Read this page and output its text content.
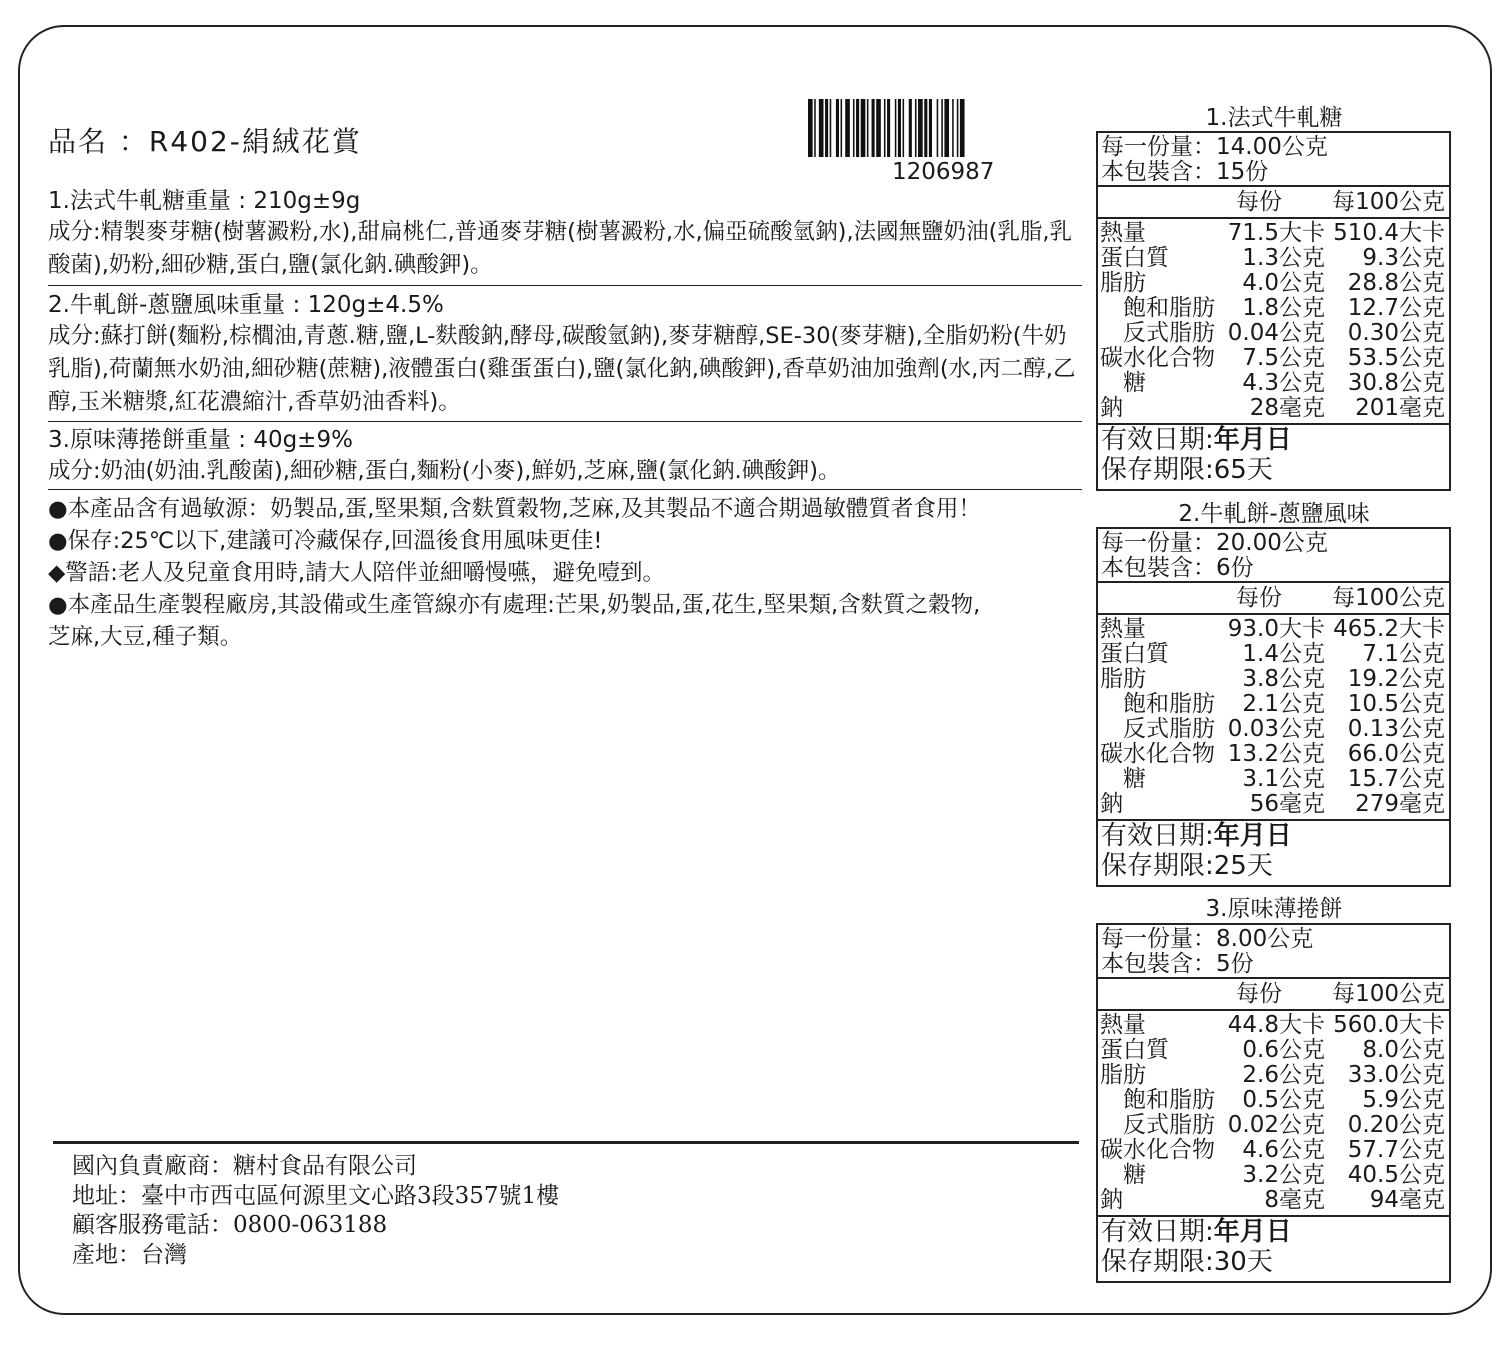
品名 ：R402-絹絨花賞
1206987
1.法式牛軋糖重量 : 210g±9g
成分:精製麥芽糖(樹薯澱粉,水),甜扁桃仁,普通麥芽糖(樹薯澱粉,水,偏亞硫酸氫鈉),法國無鹽奶油(乳脂,乳酸菌),奶粉,細砂糖,蛋白,鹽(氯化鈉.碘酸鉀)。
2.牛軋餅-蔥鹽風味重量 : 120g±4.5%
成分:蘇打餅(麵粉,棕櫚油,青蔥.糖,鹽,L-麩酸鈉,酵母,碳酸氫鈉),麥芽糖醇,SE-30(麥芽糖),全脂奶粉(牛奶乳脂),荷蘭無水奶油,細砂糖(蔗糖),液體蛋白(雞蛋蛋白),鹽(氯化鈉,碘酸鉀),香草奶油加強劑(水,丙二醇,乙醇,玉米糖漿,紅花濃縮汁,香草奶油香料)。
3.原味薄捲餅重量 : 40g±9%
成分:奶油(奶油.乳酸菌),細砂糖,蛋白,麵粉(小麥),鮮奶,芝麻,鹽(氯化鈉.碘酸鉀)。
●本產品含有過敏源：奶製品,蛋,堅果類,含麩質穀物,芝麻,及其製品不適合期過敏體質者食用！
●保存:25℃以下,建議可冷藏保存,回溫後食用風味更佳!
◆警語:老人及兒童食用時,請大人陪伴並細嚼慢嚥，避免噎到。
●本產品生產製程廠房,其設備或生產管線亦有處理:芒果,奶製品,蛋,花生,堅果類,含麩質之穀物,
芝麻,大豆,種子類。
國內負責廠商：糖村食品有限公司
地址：臺中市西屯區何源里文心路3段357號1樓
顧客服務電話：0800-063188
產地：台灣
1.法式牛軋糖
每一份量：14.00公克
本包裝含：15份
每份 每100公克
熱量	71.5大卡 510.4大卡
蛋白質	1.3公克 9.3公克
脂肪	4.0公克 28.8公克
　飽和脂肪 1.8公克 12.7公克
　反式脂肪 0.04公克 0.30公克
碳水化合物 7.5公克 53.5公克
　糖	4.3公克 30.8公克
鈉	28毫克 201毫克
有效日期:年月日
保存期限:65天
2.牛軋餅-蔥鹽風味
每一份量：20.00公克
本包裝含：6份
每份 每100公克
熱量	93.0大卡 465.2大卡
蛋白質	1.4公克 7.1公克
脂肪	3.8公克 19.2公克
　飽和脂肪 2.1公克 10.5公克
　反式脂肪 0.03公克 0.13公克
碳水化合物 13.2公克 66.0公克
　糖	3.1公克 15.7公克
鈉	56毫克 279毫克
有效日期:年月日
保存期限:25天
3.原味薄捲餅
每一份量：8.00公克
本包裝含：5份
每份 每100公克
熱量	44.8大卡 560.0大卡
蛋白質	0.6公克 8.0公克
脂肪	2.6公克 33.0公克
　飽和脂肪 0.5公克 5.9公克
　反式脂肪 0.02公克 0.20公克
碳水化合物 4.6公克 57.7公克
　糖	3.2公克 40.5公克
鈉	8毫克 94毫克
有效日期:年月日
保存期限:30天
